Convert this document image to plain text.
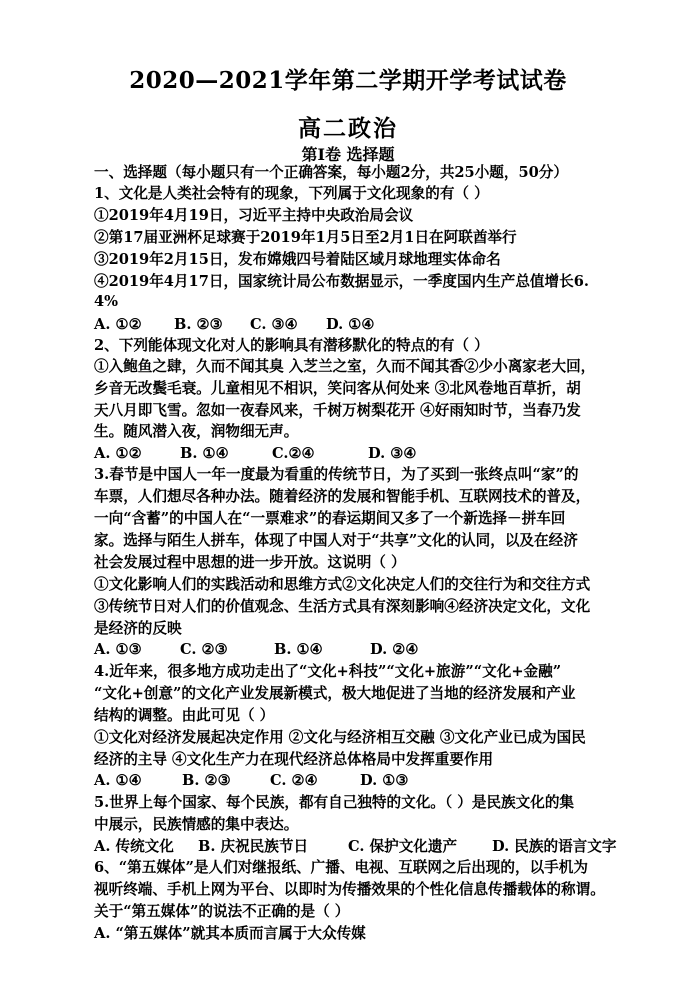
2020—2021学年第二学期开学考试试卷
高二政治
第Ⅰ卷 选择题
一、选择题（每小题只有一个正确答案，每小题2分，共25小题，50分）
1、文化是人类社会特有的现象，下列属于文化现象的有（ ）
①2019年4月19日，习近平主持中央政治局会议
②第17届亚洲杯足球赛于2019年1月5日至2月1日在阿联酋举行
③2019年2月15日，发布嫦娥四号着陆区域月球地理实体命名
④2019年4月17日，国家统计局公布数据显示，一季度国内生产总值增长6.
4%
A. ①② B. ②③ C. ③④ D. ①④
2、下列能体现文化对人的影响具有潜移默化的特点的有（ ）
①入鲍鱼之肆，久而不闻其臭 入芝兰之室，久而不闻其香②少小离家老大回，
乡音无改鬓毛衰。儿童相见不相识，笑问客从何处来 ③北风卷地百草折，胡
天八月即飞雪。忽如一夜春风来，千树万树梨花开 ④好雨知时节，当春乃发
生。随风潜入夜，润物细无声。
A. ①②	B. ①④	C.②④	D. ③④
3.春节是中国人一年一度最为看重的传统节日，为了买到一张终点叫“家”的
车票，人们想尽各种办法。随着经济的发展和智能手机、互联网技术的普及，
一向“含蓄”的中国人在“一票难求”的春运期间又多了一个新选择－拼车回
家。选择与陌生人拼车，体现了中国人对于“共享”文化的认同，以及在经济
社会发展过程中思想的进一步开放。这说明（ ）
①文化影响人们的实践活动和思维方式②文化决定人们的交往行为和交往方式
③传统节日对人们的价值观念、生活方式具有深刻影响④经济决定文化，文化
是经济的反映
A. ①③	C. ②③	B. ①④	D. ②④
4.近年来，很多地方成功走出了“文化+科技”“文化+旅游”“文化+金融”
“文化+创意”的文化产业发展新模式，极大地促进了当地的经济发展和产业
结构的调整。由此可见（ ）
①文化对经济发展起决定作用 ②文化与经济相互交融 ③文化产业已成为国民
经济的主导 ④文化生产力在现代经济总体格局中发挥重要作用
A. ①④	B. ②③	C. ②④	D. ①③
5.世界上每个国家、每个民族，都有自己独特的文化。（ ）是民族文化的集
中展示，民族情感的集中表达。
A. 传统文化 B. 庆祝民族节日	C. 保护文化遗产 D. 民族的语言文字
6、“第五媒体”是人们对继报纸、广播、电视、互联网之后出现的，以手机为
视听终端、手机上网为平台、以即时为传播效果的个性化信息传播载体的称谓。
关于“第五媒体”的说法不正确的是（ ）
A. “第五媒体”就其本质而言属于大众传媒
